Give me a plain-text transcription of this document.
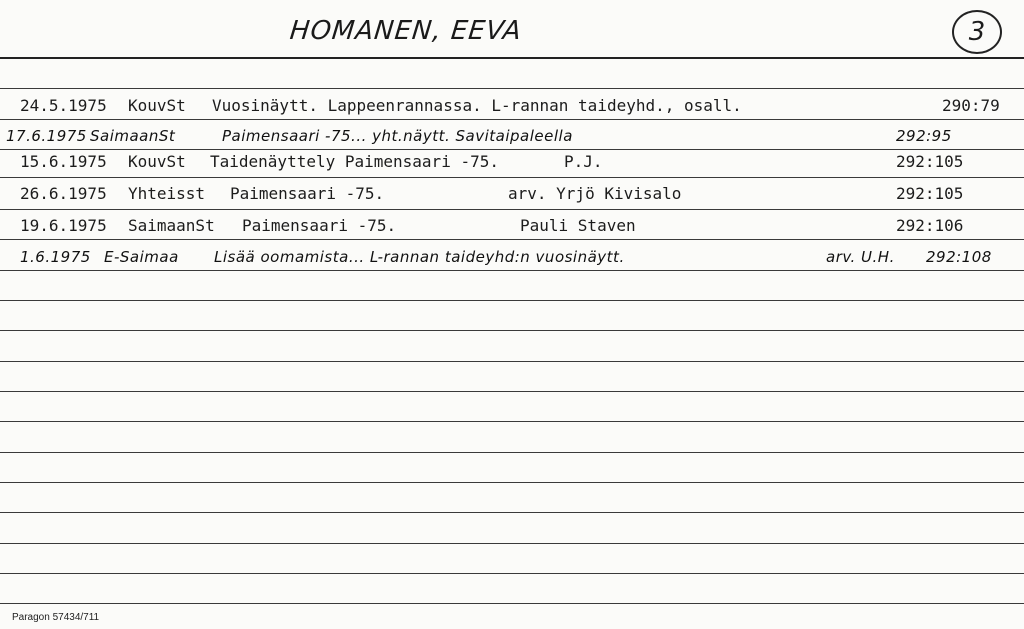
HOMANEN, EEVA	3
24.5.1975 KouvSt Vuosinäytt. Lappeenrannassa. L-rannan taideyhd., osall.	290:79
17.6.1975 SaimaanSt	Paimensaari -75... yht.näytt. Savitaipaleella	292:95
15.6.1975 KouvSt Taidenäyttely Paimensaari -75.	P.J.	292:105
26.6.1975 Yhteisst Paimensaari -75.	arv. Yrjö Kivisalo	292:105
19.6.1975 SaimaanSt Paimensaari -75.	Pauli Staven	292:106
1.6.1975 E-Saimaa Lisää oomamista... L-rannan taideyhd:n vuosinäytt.	arv. U.H. 292:108
Paragon 57434/711
